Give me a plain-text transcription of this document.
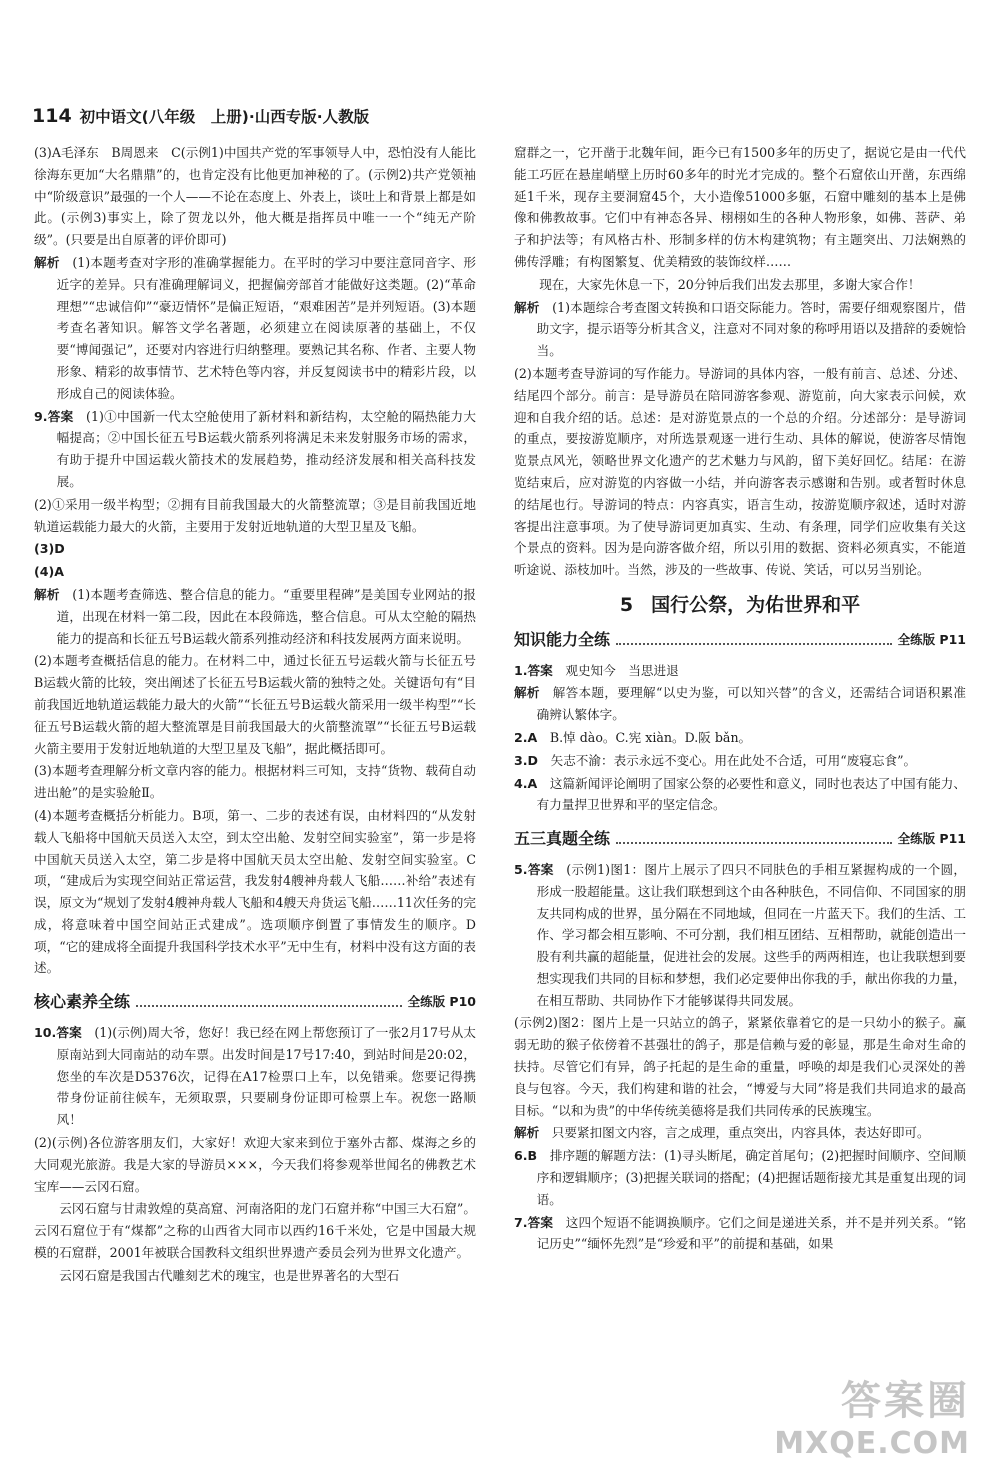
114 初中语文(八年级　上册)·山西专版·人教版
(3)A毛泽东　B周恩来　C(示例1)中国共产党的军事领导人中，恐怕没有人能比徐海东更加“大名鼎鼎”的，也肯定没有比他更加神秘的了。(示例2)共产党领袖中“阶级意识”最强的一个人——不论在态度上、外表上，谈吐上和背景上都是如此。(示例3)事实上，除了贺龙以外，他大概是指挥员中唯一一个“纯无产阶级”。(只要是出自原著的评价即可)
解析  (1)本题考查对字形的准确掌握能力。在平时的学习中要注意同音字、形近字的差异。只有准确理解词义，把握偏旁部首才能做好这类题。(2)“革命理想”“忠诚信仰”“豪迈情怀”是偏正短语，“艰难困苦”是并列短语。(3)本题考查名著知识。解答文学名著题，必须建立在阅读原著的基础上，不仅要“博闻强记”，还要对内容进行归纳整理。要熟记其名称、作者、主要人物形象、精彩的故事情节、艺术特色等内容，并反复阅读书中的精彩片段，以形成自己的阅读体验。
9.答案  (1)①中国新一代太空舱使用了新材料和新结构，太空舱的隔热能力大幅提高；②中国长征五号B运载火箭系列将满足未来发射服务市场的需求，有助于提升中国运载火箭技术的发展趋势，推动经济发展和相关高科技发展。
(2)①采用一级半构型；②拥有目前我国最大的火箭整流罩；③是目前我国近地轨道运载能力最大的火箭，主要用于发射近地轨道的大型卫星及飞船。
(3)D
(4)A
解析  (1)本题考查筛选、整合信息的能力。“重要里程碑”是美国专业网站的报道，出现在材料一第二段，因此在本段筛选，整合信息。可从太空舱的隔热能力的提高和长征五号B运载火箭系列推动经济和科技发展两方面来说明。
(2)本题考查概括信息的能力。在材料二中，通过长征五号运载火箭与长征五号B运载火箭的比较，突出阐述了长征五号B运载火箭的独特之处。关键语句有“目前我国近地轨道运载能力最大的火箭”“长征五号B运载火箭采用一级半构型”“长征五号B运载火箭的超大整流罩是目前我国最大的火箭整流罩”“长征五号B运载火箭主要用于发射近地轨道的大型卫星及飞船”，据此概括即可。
(3)本题考查理解分析文章内容的能力。根据材料三可知，支持“货物、载荷自动进出舱”的是实验舱Ⅱ。
(4)本题考查概括分析能力。B项，第一、二步的表述有误，由材料四的“从发射载人飞船将中国航天员送入太空，到太空出舱、发射空间实验室”，第一步是将中国航天员送入太空，第二步是将中国航天员太空出舱、发射空间实验室。C项，“建成后为实现空间站正常运营，我发射4艘神舟载人飞船……补给”表述有误，原文为“规划了发射4艘神舟载人飞船和4艘天舟货运飞船……11次任务的完成，将意味着中国空间站正式建成”。选项顺序倒置了事情发生的顺序。D项，“它的建成将全面提升我国科学技术水平”无中生有，材料中没有这方面的表述。
核心素养全练	全练版 P10
10.答案  (1)(示例)周大爷，您好！我已经在网上帮您预订了一张2月17号从太原南站到大同南站的动车票。出发时间是17号17:40，到站时间是20:02，您坐的车次是D5376次，记得在A17检票口上车，以免错乘。您要记得携带身份证前往候车，无须取票，只要刷身份证即可检票上车。祝您一路顺风！
(2)(示例)各位游客朋友们，大家好！欢迎大家来到位于塞外古都、煤海之乡的大同观光旅游。我是大家的导游员×××，今天我们将参观举世闻名的佛教艺术宝库——云冈石窟。
云冈石窟与甘肃敦煌的莫高窟、河南洛阳的龙门石窟并称“中国三大石窟”。云冈石窟位于有“煤都”之称的山西省大同市以西约16千米处，它是中国最大规模的石窟群，2001年被联合国教科文组织世界遗产委员会列为世界文化遗产。
云冈石窟是我国古代雕刻艺术的瑰宝，也是世界著名的大型石
窟群之一，它开凿于北魏年间，距今已有1500多年的历史了，据说它是由一代代能工巧匠在悬崖峭壁上历时60多年的时光才完成的。整个石窟依山开凿，东西绵延1千米，现存主要洞窟45个，大小造像51000多躯，石窟中雕刻的基本上是佛像和佛教故事。它们中有神态各异、栩栩如生的各种人物形象，如佛、菩萨、弟子和护法等；有风格古朴、形制多样的仿木构建筑物；有主题突出、刀法娴熟的佛传浮雕；有构图繁复、优美精致的装饰纹样……
现在，大家先休息一下，20分钟后我们出发去那里，多谢大家合作！
解析  (1)本题综合考查图文转换和口语交际能力。答时，需要仔细观察图片，借助文字，提示语等分析其含义，注意对不同对象的称呼用语以及措辞的委婉恰当。
(2)本题考查导游词的写作能力。导游词的具体内容，一般有前言、总述、分述、结尾四个部分。前言：是导游员在陪同游客参观、游览前，向大家表示问候，欢迎和自我介绍的话。总述：是对游览景点的一个总的介绍。分述部分：是导游词的重点，要按游览顺序，对所选景观逐一进行生动、具体的解说，使游客尽情饱览景点风光，领略世界文化遗产的艺术魅力与风韵，留下美好回忆。结尾：在游览结束后，应对游览的内容做一小结，并向游客表示感谢和告别。或者暂时休息的结尾也行。导游词的特点：内容真实，语言生动，按游览顺序叙述，适时对游客提出注意事项。为了使导游词更加真实、生动、有条理，同学们应收集有关这个景点的资料。因为是向游客做介绍，所以引用的数据、资料必须真实，不能道听途说、添枝加叶。当然，涉及的一些故事、传说、笑话，可以另当别论。
5 国行公祭，为佑世界和平
知识能力全练	全练版 P11
1.答案  观史知今　当思进退
解析  解答本题，要理解“以史为鉴，可以知兴替”的含义，还需结合词语积累准确辨认繁体字。
2.A  B.悼 dào。C.宪 xiàn。D.阪 bǎn。
3.D  矢志不渝：表示永远不变心。用在此处不合适，可用“废寝忘食”。
4.A  这篇新闻评论阐明了国家公祭的必要性和意义，同时也表达了中国有能力、有力量捍卫世界和平的坚定信念。
五三真题全练	全练版 P11
5.答案  (示例1)图1：图片上展示了四只不同肤色的手相互紧握构成的一个圆，形成一股超能量。这让我们联想到这个由各种肤色，不同信仰、不同国家的朋友共同构成的世界，虽分隔在不同地域，但同在一片蓝天下。我们的生活、工作、学习都会相互影响、不可分割，我们相互团结、互相帮助，就能创造出一股有利共赢的超能量，促进社会的发展。这些手的两两相连，也让我联想到要想实现我们共同的目标和梦想，我们必定要伸出你我的手，献出你我的力量，在相互帮助、共同协作下才能够谋得共同发展。
(示例2)图2：图片上是一只站立的鸽子，紧紧依靠着它的是一只幼小的猴子。赢弱无助的猴子依傍着不甚强壮的鸽子，那是信赖与爱的彰显，那是生命对生命的扶持。尽管它们有异，鸽子托起的是生命的重量，呼唤的却是我们心灵深处的善良与包容。今天，我们构建和谐的社会，“博爱与大同”将是我们共同追求的最高目标。“以和为贵”的中华传统美德将是我们共同传承的民族瑰宝。
解析  只要紧扣图文内容，言之成理，重点突出，内容具体，表达好即可。
6.B  排序题的解题方法：(1)寻头断尾，确定首尾句；(2)把握时间顺序、空间顺序和逻辑顺序；(3)把握关联词的搭配；(4)把握话题衔接尤其是重复出现的词语。
7.答案  这四个短语不能调换顺序。它们之间是递进关系，并不是并列关系。“铭记历史”“缅怀先烈”是“珍爱和平”的前提和基础，如果
答案圈
MXQE.COM
